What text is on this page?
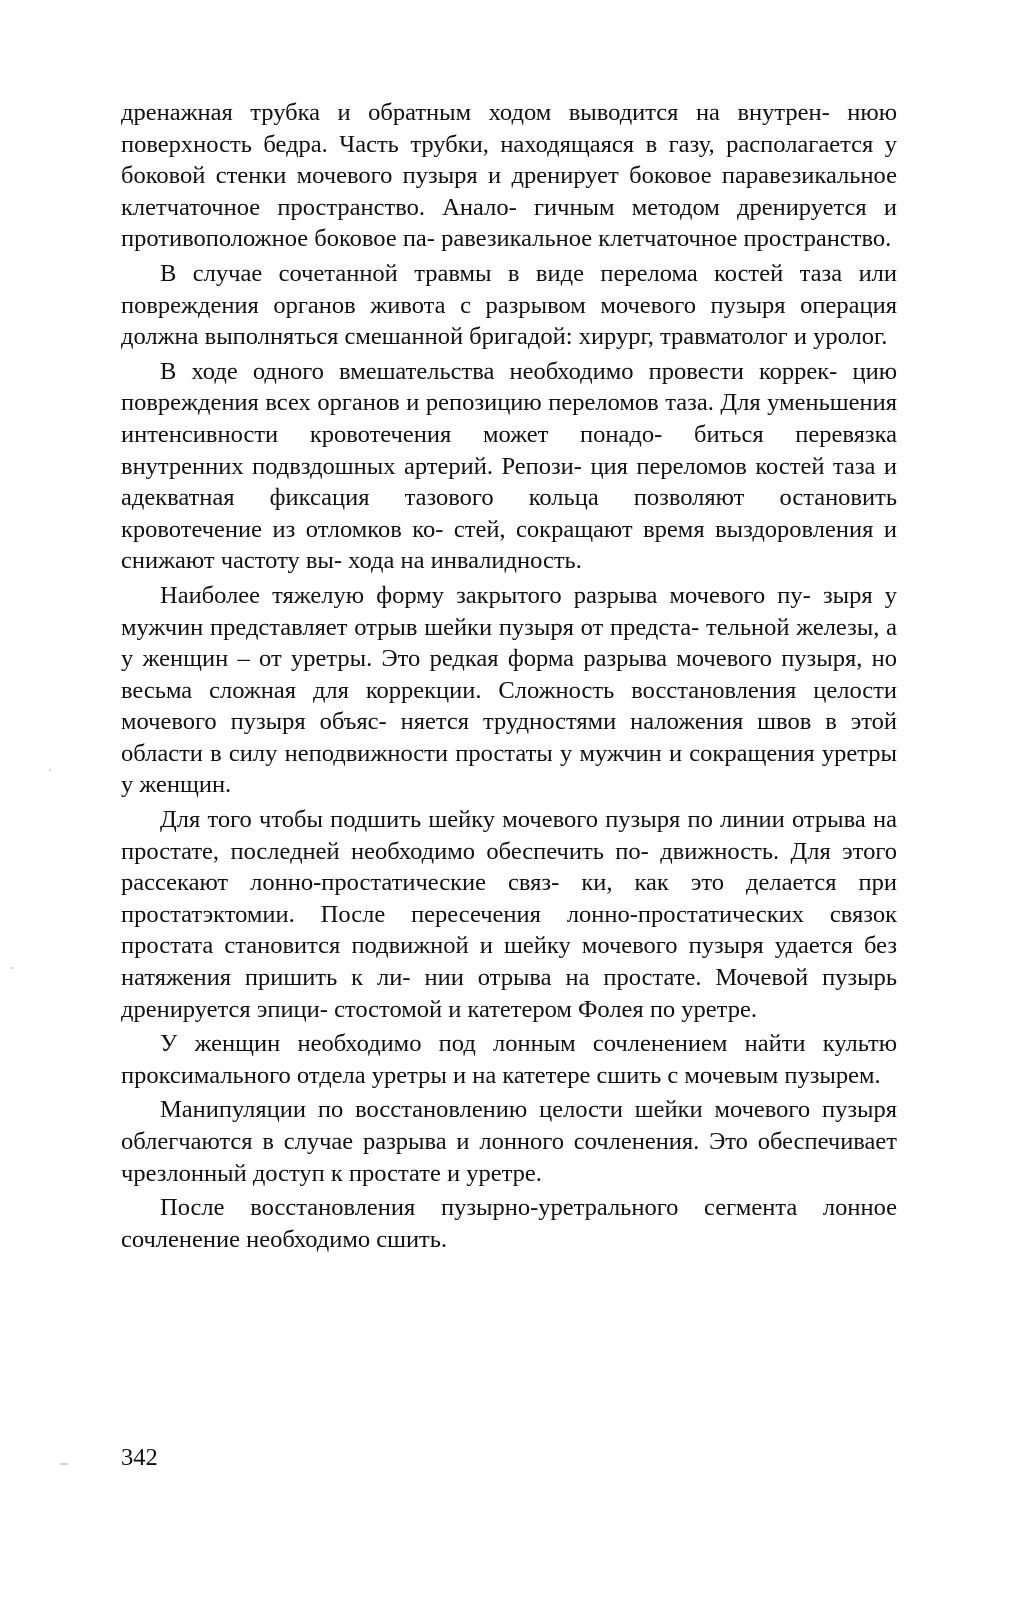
дренажная трубка и обратным ходом выводится на внутрен- нюю поверхность бедра. Часть трубки, находящаяся в газу, располагается у боковой стенки мочевого пузыря и дренирует боковое паравезикальное клетчаточное пространство. Анало- гичным методом дренируется и противоположное боковое па- равезикальное клетчаточное пространство.

В случае сочетанной травмы в виде перелома костей таза или повреждения органов живота с разрывом мочевого пузыря операция должна выполняться смешанной бригадой: хирург, травматолог и уролог.

В ходе одного вмешательства необходимо провести коррек- цию повреждения всех органов и репозицию переломов таза. Для уменьшения интенсивности кровотечения может понадо- биться перевязка внутренних подвздошных артерий. Репози- ция переломов костей таза и адекватная фиксация тазового кольца позволяют остановить кровотечение из отломков ко- стей, сокращают время выздоровления и снижают частоту вы- хода на инвалидность.

Наиболее тяжелую форму закрытого разрыва мочевого пу- зыря у мужчин представляет отрыв шейки пузыря от предста- тельной железы, а у женщин – от уретры. Это редкая форма разрыва мочевого пузыря, но весьма сложная для коррекции. Сложность восстановления целости мочевого пузыря объяс- няется трудностями наложения швов в этой области в силу неподвижности простаты у мужчин и сокращения уретры у женщин.

Для того чтобы подшить шейку мочевого пузыря по линии отрыва на простате, последней необходимо обеспечить по- движность. Для этого рассекают лонно-простатические связ- ки, как это делается при простатэктомии. После пересечения лонно-простатических связок простата становится подвижной и шейку мочевого пузыря удается без натяжения пришить к ли- нии отрыва на простате. Мочевой пузырь дренируется эпици- стостомой и катетером Фолея по уретре.

У женщин необходимо под лонным сочленением найти культю проксимального отдела уретры и на катетере сшить с мочевым пузырем.

Манипуляции по восстановлению целости шейки мочевого пузыря облегчаются в случае разрыва и лонного сочленения. Это обеспечивает чрезлонный доступ к простате и уретре.

После восстановления пузырно-уретрального сегмента лонное сочленение необходимо сшить.

342
